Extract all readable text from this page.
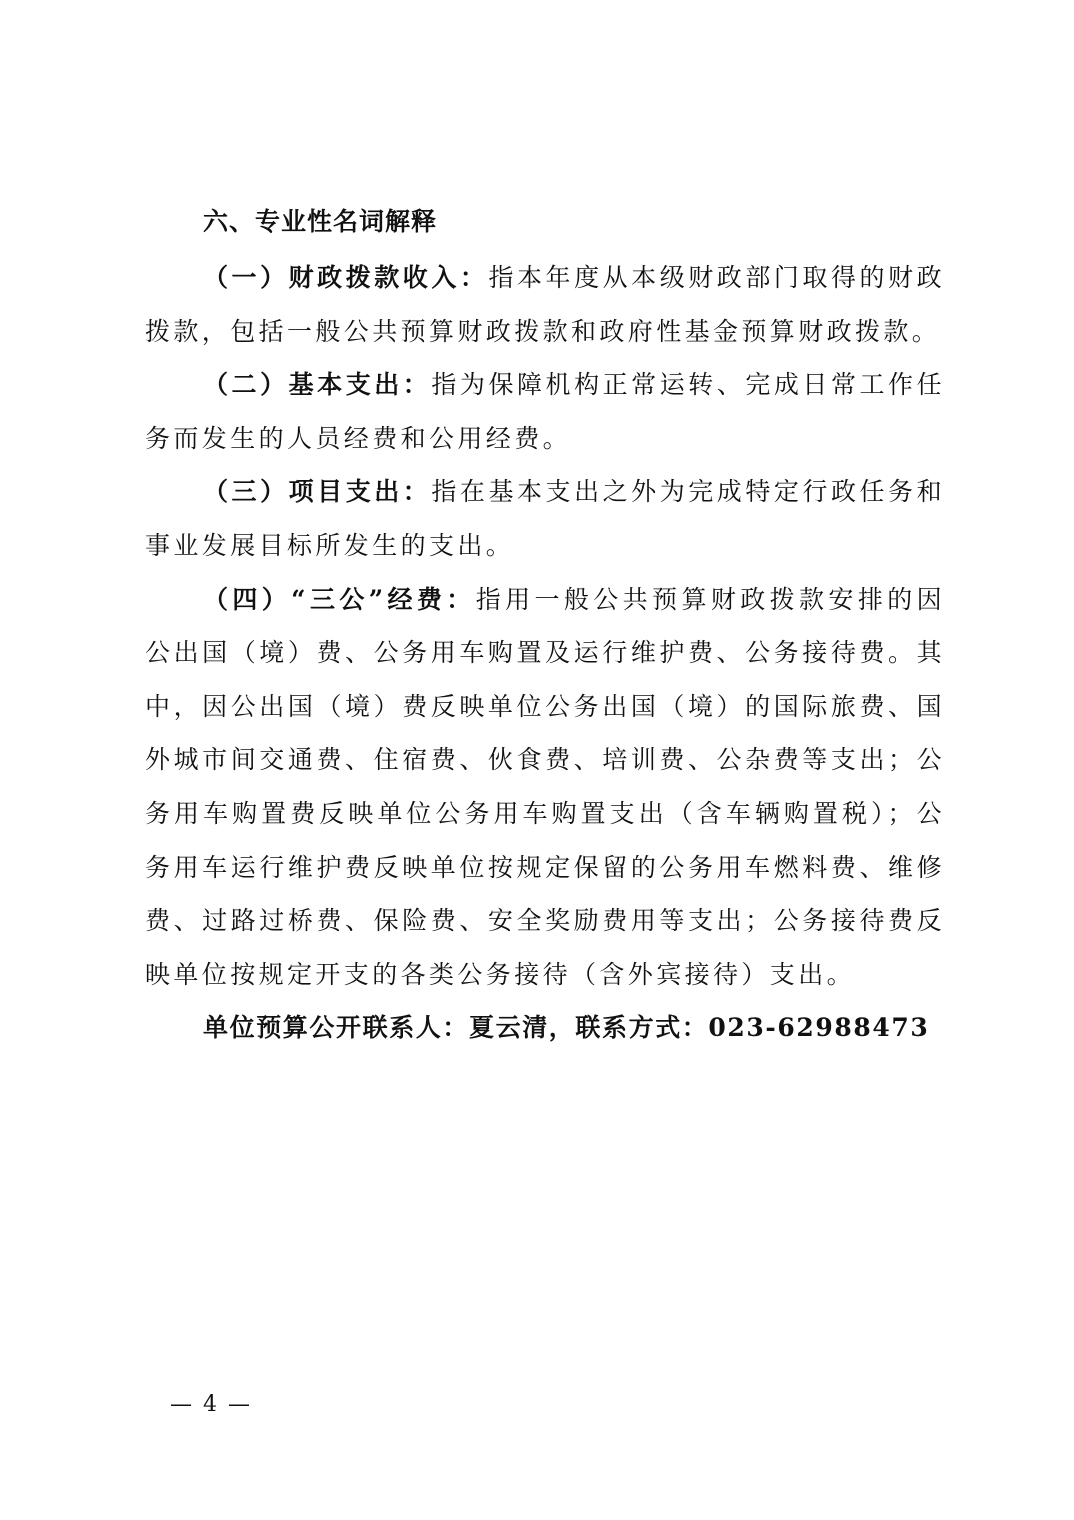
六、专业性名词解释

（一）财政拨款收入：指本年度从本级财政部门取得的财政拨款，包括一般公共预算财政拨款和政府性基金预算财政拨款。

（二）基本支出：指为保障机构正常运转、完成日常工作任务而发生的人员经费和公用经费。

（三）项目支出：指在基本支出之外为完成特定行政任务和事业发展目标所发生的支出。

（四）“三公”经费：指用一般公共预算财政拨款安排的因公出国（境）费、公务用车购置及运行维护费、公务接待费。其中，因公出国（境）费反映单位公务出国（境）的国际旅费、国外城市间交通费、住宿费、伙食费、培训费、公杂费等支出；公务用车购置费反映单位公务用车购置支出（含车辆购置税）；公务用车运行维护费反映单位按规定保留的公务用车燃料费、维修费、过路过桥费、保险费、安全奖励费用等支出；公务接待费反映单位按规定开支的各类公务接待（含外宾接待）支出。

单位预算公开联系人：夏云清，联系方式：023-62988473

— 4 —
